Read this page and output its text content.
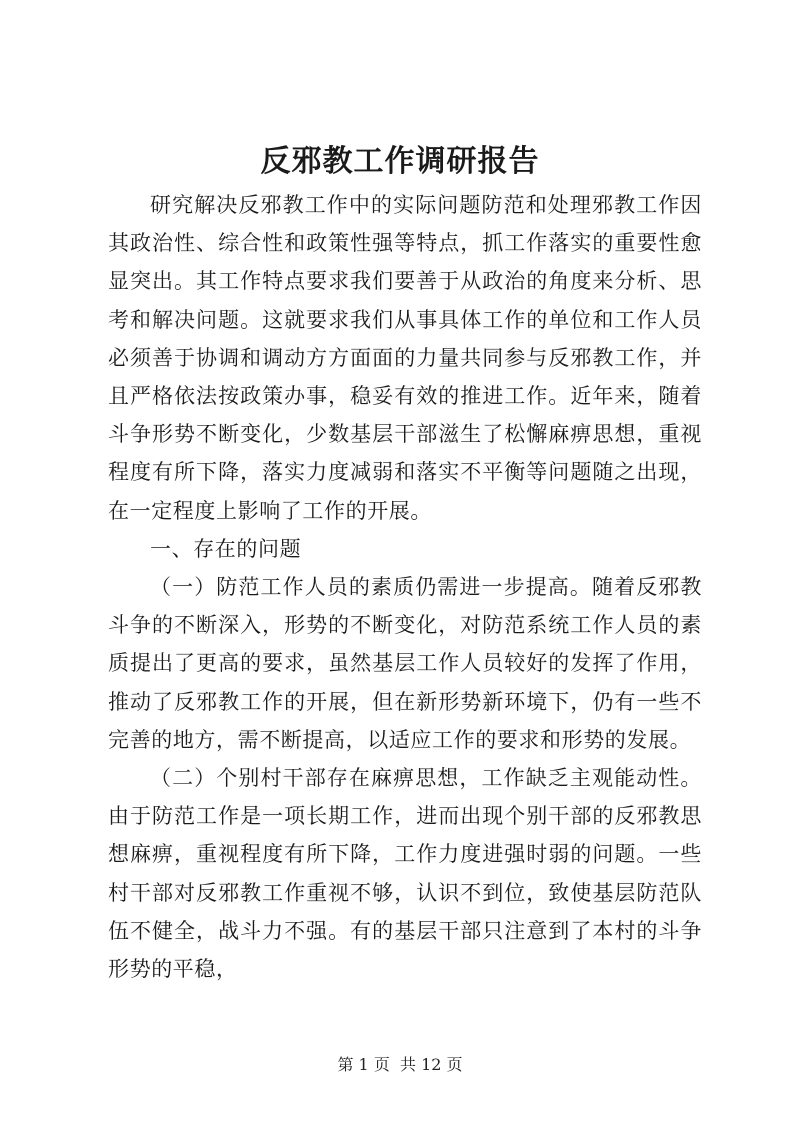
反邪教工作调研报告

研究解决反邪教工作中的实际问题防范和处理邪教工作因其政治性、综合性和政策性强等特点，抓工作落实的重要性愈显突出。其工作特点要求我们要善于从政治的角度来分析、思考和解决问题。这就要求我们从事具体工作的单位和工作人员必须善于协调和调动方方面面的力量共同参与反邪教工作，并且严格依法按政策办事，稳妥有效的推进工作。近年来，随着斗争形势不断变化，少数基层干部滋生了松懈麻痹思想，重视程度有所下降，落实力度减弱和落实不平衡等问题随之出现，在一定程度上影响了工作的开展。

一、存在的问题

（一）防范工作人员的素质仍需进一步提高。随着反邪教斗争的不断深入，形势的不断变化，对防范系统工作人员的素质提出了更高的要求，虽然基层工作人员较好的发挥了作用，推动了反邪教工作的开展，但在新形势新环境下，仍有一些不完善的地方，需不断提高，以适应工作的要求和形势的发展。

（二）个别村干部存在麻痹思想，工作缺乏主观能动性。由于防范工作是一项长期工作，进而出现个别干部的反邪教思想麻痹，重视程度有所下降，工作力度进强时弱的问题。一些村干部对反邪教工作重视不够，认识不到位，致使基层防范队伍不健全，战斗力不强。有的基层干部只注意到了本村的斗争形势的平稳，

第 1 页  共 12 页
